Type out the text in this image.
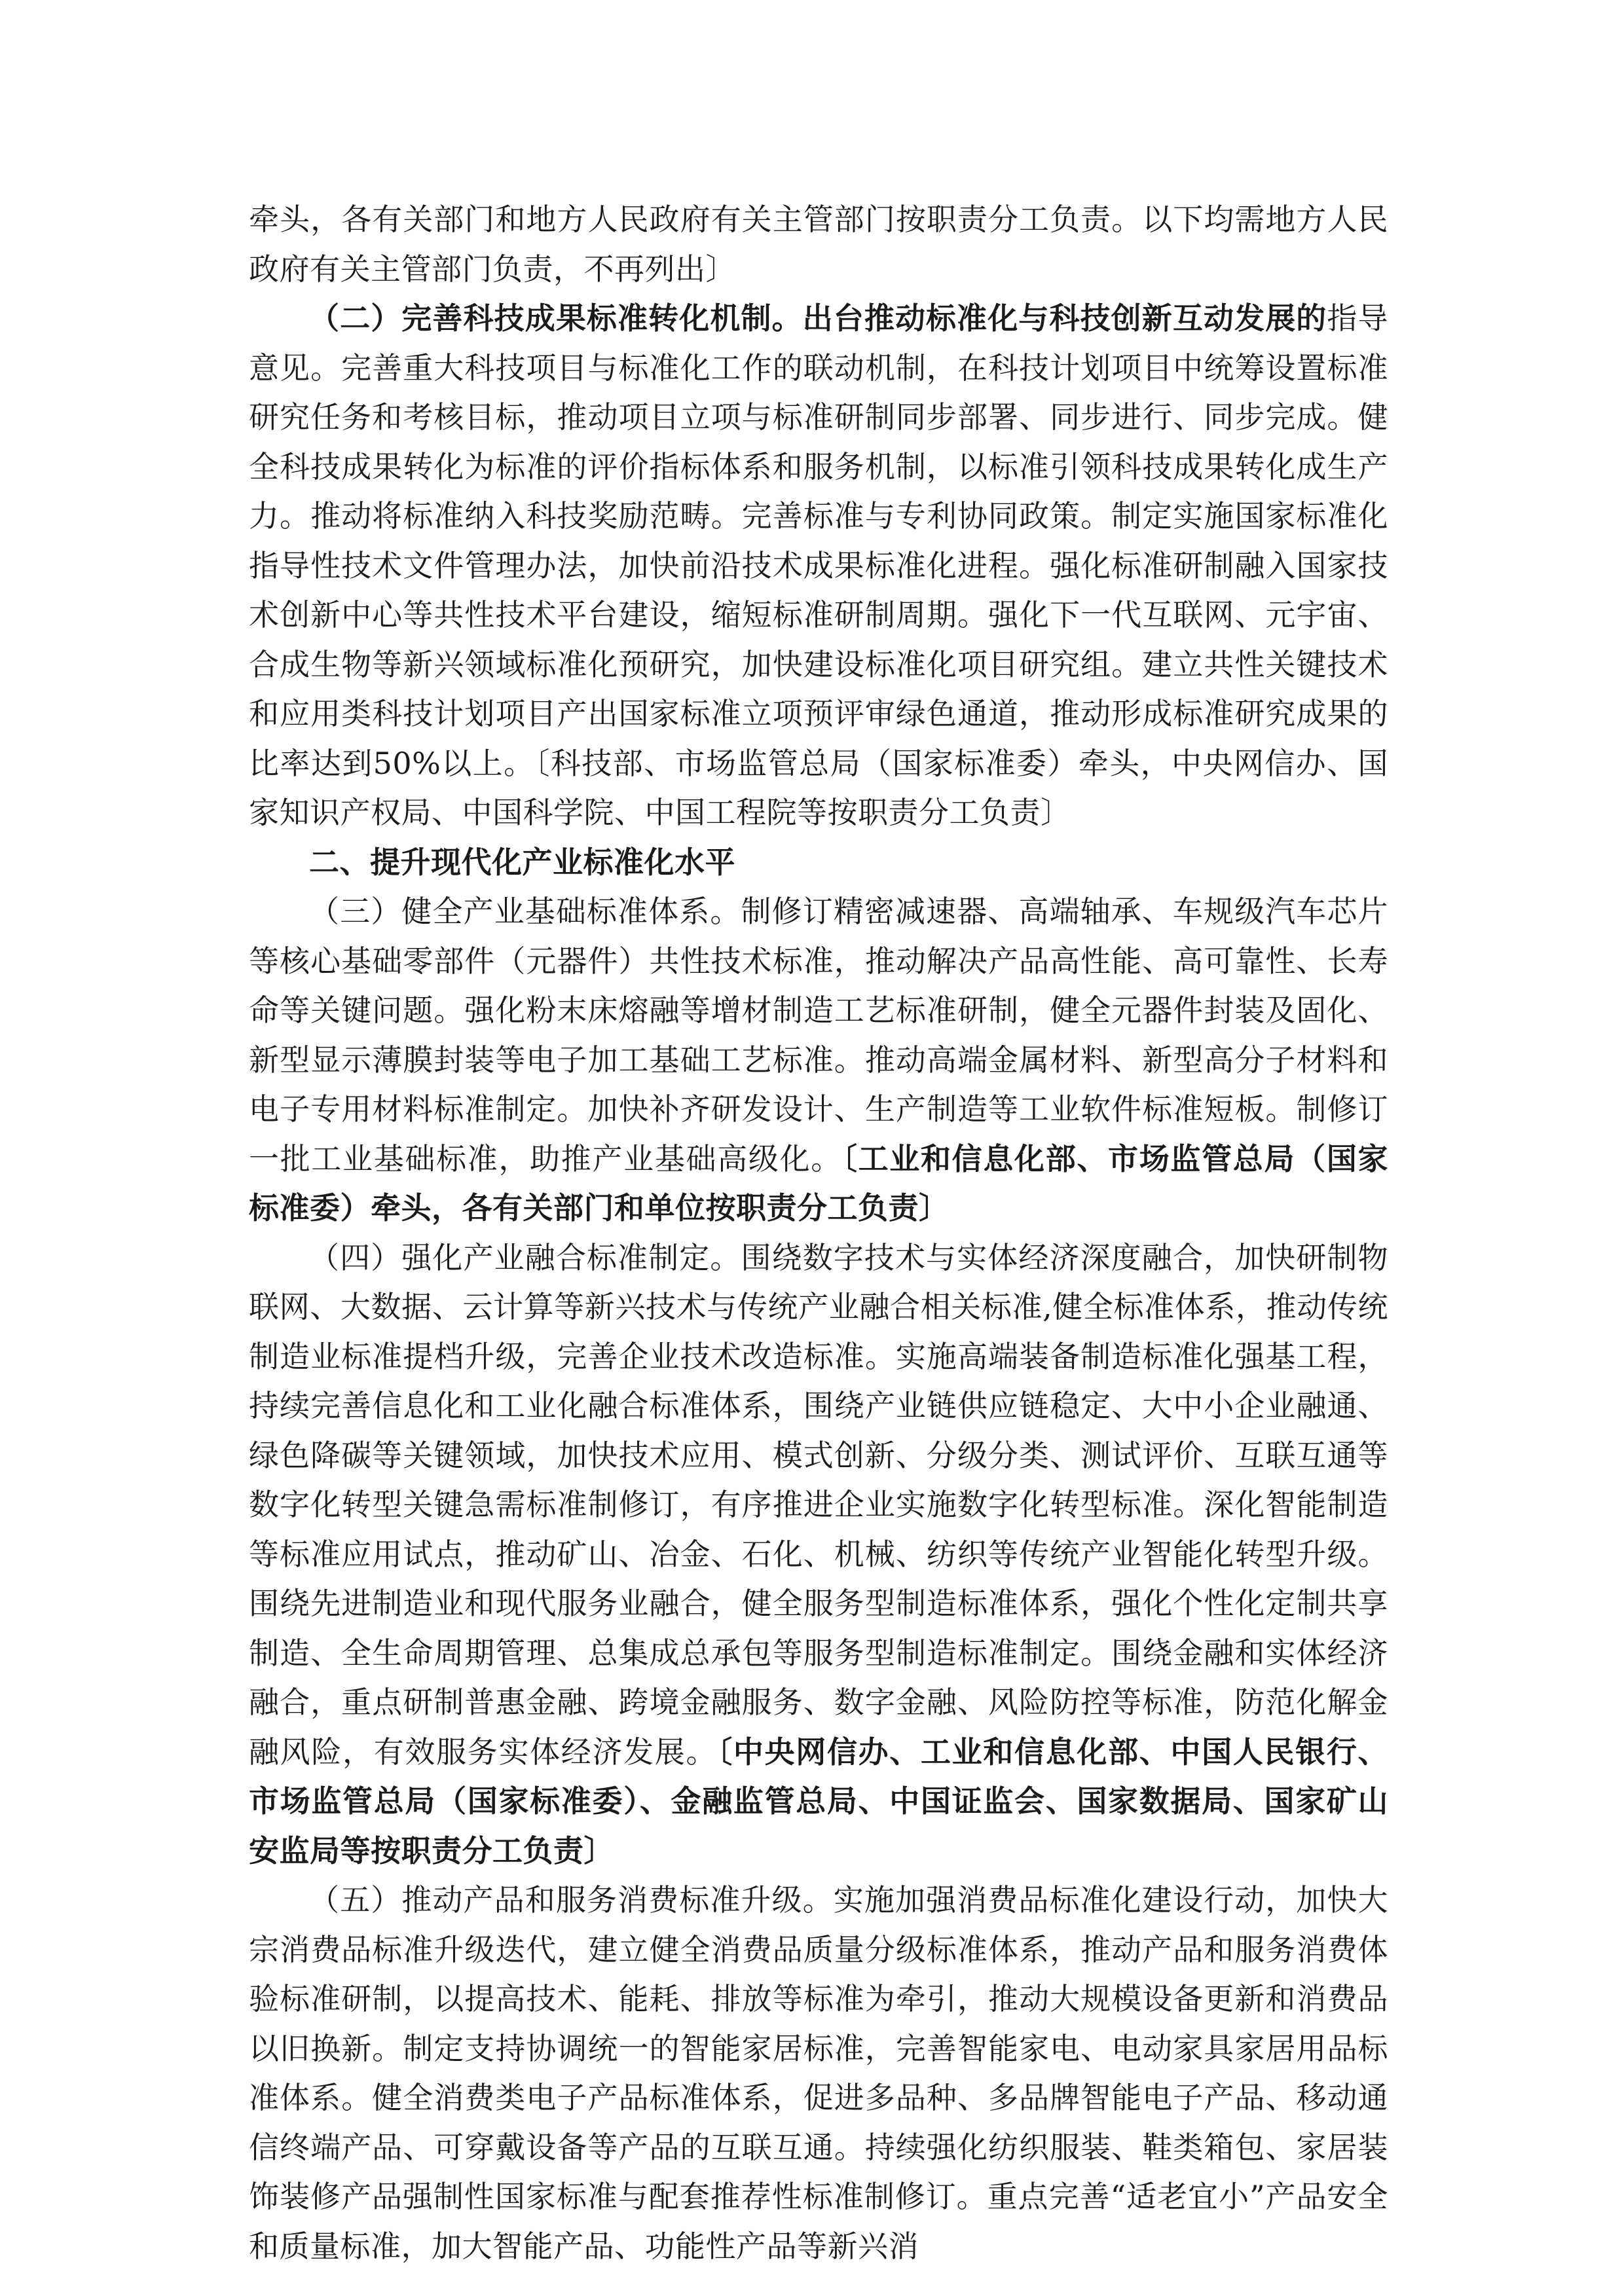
牵头，各有关部门和地方人民政府有关主管部门按职责分工负责。以下均需地方人民政府有关主管部门负责，不再列出〕

（二）完善科技成果标准转化机制。出台推动标准化与科技创新互动发展的指导意见。完善重大科技项目与标准化工作的联动机制，在科技计划项目中统筹设置标准研究任务和考核目标，推动项目立项与标准研制同步部署、同步进行、同步完成。健全科技成果转化为标准的评价指标体系和服务机制，以标准引领科技成果转化成生产力。推动将标准纳入科技奖励范畴。完善标准与专利协同政策。制定实施国家标准化指导性技术文件管理办法，加快前沿技术成果标准化进程。强化标准研制融入国家技术创新中心等共性技术平台建设，缩短标准研制周期。强化下一代互联网、元宇宙、合成生物等新兴领域标准化预研究，加快建设标准化项目研究组。建立共性关键技术和应用类科技计划项目产出国家标准立项预评审绿色通道，推动形成标准研究成果的比率达到50%以上。〔科技部、市场监管总局（国家标准委）牵头，中央网信办、国家知识产权局、中国科学院、中国工程院等按职责分工负责〕

二、提升现代化产业标准化水平

（三）健全产业基础标准体系。制修订精密减速器、高端轴承、车规级汽车芯片等核心基础零部件（元器件）共性技术标准，推动解决产品高性能、高可靠性、长寿命等关键问题。强化粉末床熔融等增材制造工艺标准研制，健全元器件封装及固化、新型显示薄膜封装等电子加工基础工艺标准。推动高端金属材料、新型高分子材料和电子专用材料标准制定。加快补齐研发设计、生产制造等工业软件标准短板。制修订一批工业基础标准，助推产业基础高级化。〔工业和信息化部、市场监管总局（国家标准委）牵头，各有关部门和单位按职责分工负责〕

（四）强化产业融合标准制定。围绕数字技术与实体经济深度融合，加快研制物联网、大数据、云计算等新兴技术与传统产业融合相关标准,健全标准体系，推动传统制造业标准提档升级，完善企业技术改造标准。实施高端装备制造标准化强基工程，持续完善信息化和工业化融合标准体系，围绕产业链供应链稳定、大中小企业融通、绿色降碳等关键领域，加快技术应用、模式创新、分级分类、测试评价、互联互通等数字化转型关键急需标准制修订，有序推进企业实施数字化转型标准。深化智能制造等标准应用试点，推动矿山、冶金、石化、机械、纺织等传统产业智能化转型升级。围绕先进制造业和现代服务业融合，健全服务型制造标准体系，强化个性化定制共享制造、全生命周期管理、总集成总承包等服务型制造标准制定。围绕金融和实体经济融合，重点研制普惠金融、跨境金融服务、数字金融、风险防控等标准，防范化解金融风险，有效服务实体经济发展。〔中央网信办、工业和信息化部、中国人民银行、市场监管总局（国家标准委）、金融监管总局、中国证监会、国家数据局、国家矿山安监局等按职责分工负责〕

（五）推动产品和服务消费标准升级。实施加强消费品标准化建设行动，加快大宗消费品标准升级迭代，建立健全消费品质量分级标准体系，推动产品和服务消费体验标准研制，以提高技术、能耗、排放等标准为牵引，推动大规模设备更新和消费品以旧换新。制定支持协调统一的智能家居标准，完善智能家电、电动家具家居用品标准体系。健全消费类电子产品标准体系，促进多品种、多品牌智能电子产品、移动通信终端产品、可穿戴设备等产品的互联互通。持续强化纺织服装、鞋类箱包、家居装饰装修产品强制性国家标准与配套推荐性标准制修订。重点完善“适老宜小”产品安全和质量标准，加大智能产品、功能性产品等新兴消
